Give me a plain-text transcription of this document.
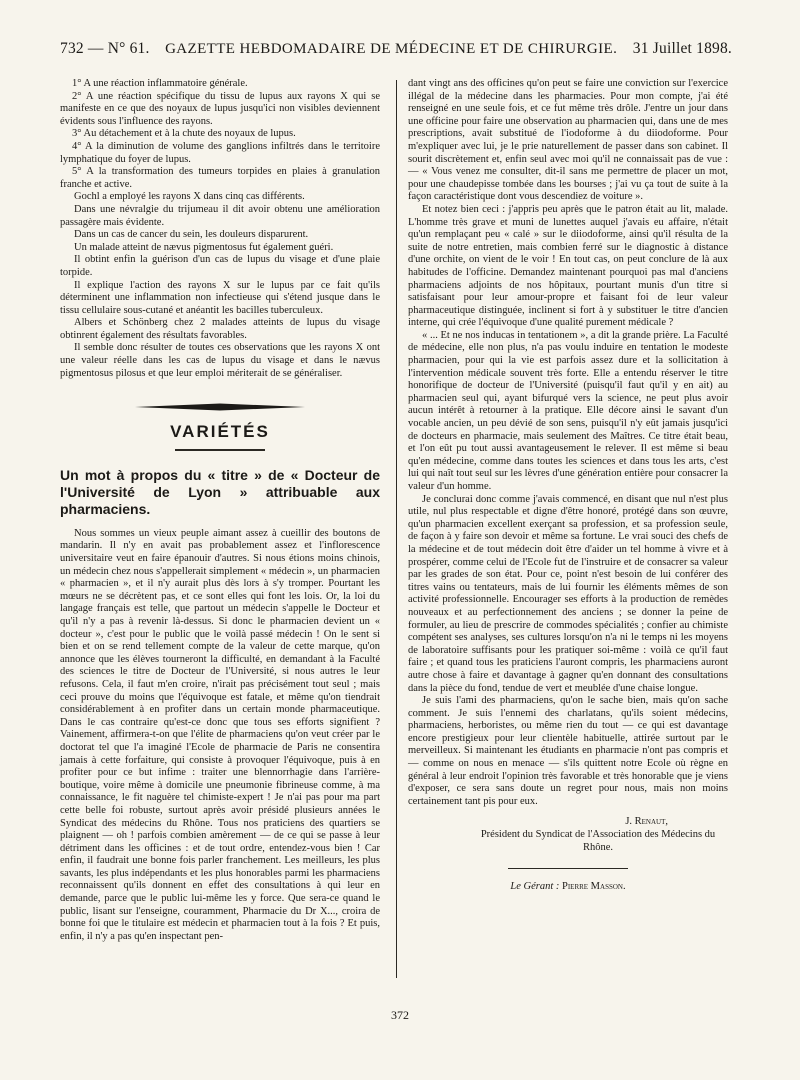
732 — N° 61. GAZETTE HEBDOMADAIRE DE MÉDECINE ET DE CHIRURGIE. 31 Juillet 1898.

1° A une réaction inflammatoire générale.

2° A une réaction spécifique du tissu de lupus aux rayons X qui se manifeste en ce que des noyaux de lupus jusqu'ici non visibles deviennent évidents sous l'influence des rayons.

3° Au détachement et à la chute des noyaux de lupus.

4° A la diminution de volume des ganglions infiltrés dans le territoire lymphatique du foyer de lupus.

5° A la transformation des tumeurs torpides en plaies à granulation franche et active.

Gochl a employé les rayons X dans cinq cas différents.

Dans une névralgie du trijumeau il dit avoir obtenu une amélioration passagère mais évidente.

Dans un cas de cancer du sein, les douleurs disparurent.

Un malade atteint de nævus pigmentosus fut également guéri.

Il obtint enfin la guérison d'un cas de lupus du visage et d'une plaie torpide.

Il explique l'action des rayons X sur le lupus par ce fait qu'ils déterminent une inflammation non infectieuse qui s'étend jusque dans le tissu cellulaire sous-cutané et anéantit les bacilles tuberculeux.

Albers et Schönberg chez 2 malades atteints de lupus du visage obtinrent également des résultats favorables.

Il semble donc résulter de toutes ces observations que les rayons X ont une valeur réelle dans les cas de lupus du visage et dans le nævus pigmentosus pilosus et que leur emploi mériterait de se généraliser.

VARIÉTÉS

Un mot à propos du « titre » de « Docteur de l'Université de Lyon » attribuable aux pharmaciens.

Nous sommes un vieux peuple aimant assez à cueillir des boutons de mandarin. Il n'y en avait pas probablement assez et l'inflorescence universitaire veut en faire épanouir d'autres. Si nous étions moins chinois, un médecin chez nous s'appellerait simplement « médecin », un pharmacien « pharmacien », et il n'y aurait plus dès lors à s'y tromper. Pourtant les mœurs ne se décrètent pas, et ce sont elles qui font les lois. Or, la loi du langage français est telle, que partout un médecin s'appelle le Docteur et qu'il n'y a pas à revenir là-dessus. Si donc le pharmacien devient un « docteur », c'est pour le public que le voilà passé médecin ! On le sent si bien et on se rend tellement compte de la valeur de cette marque, qu'on annonce que les élèves tourneront la difficulté, en demandant à la Faculté des sciences le titre de Docteur de l'Université, si nous autres le leur refusons. Cela, il faut m'en croire, n'irait pas précisément tout seul ; mais ceci prouve du moins que l'équivoque est fatale, et même qu'on tiendrait considérablement à en profiter dans un certain monde pharmaceutique. Dans le cas contraire qu'est-ce donc que tous ses efforts signifient ? Vainement, affirmera-t-on que l'élite de pharmaciens qu'on veut créer par le doctorat tel que l'a imaginé l'Ecole de pharmacie de Paris ne consentira jamais à cette forfaiture, qui consiste à provoquer l'équivoque, puis à en profiter pour ce but infime : traiter une blennorrhagie dans l'arrière-boutique, voire même à domicile une pneumonie fibrineuse comme, à ma connaissance, le fit naguère tel chimiste-expert ! Je n'ai pas pour ma part cette belle foi robuste, surtout après avoir présidé plusieurs années le Syndicat des médecins du Rhône. Tous nos praticiens des quartiers se plaignent — oh ! parfois combien amèrement — de ce qui se passe à leur détriment dans les officines : et de tout ordre, entendez-vous bien ! Car enfin, il faudrait une bonne fois parler franchement. Les meilleurs, les plus savants, les plus indépendants et les plus honorables parmi les pharmaciens reconnaissent qu'ils donnent en effet des consultations à qui leur en demande, parce que le public lui-même les y force. Que sera-ce quand le public, lisant sur l'enseigne, couramment, Pharmacie du Dr X..., croira de bonne foi que le titulaire est médecin et pharmacien tout à la fois ? Et puis, enfin, il n'y a pas qu'en inspectant pen-

dant vingt ans des officines qu'on peut se faire une conviction sur l'exercice illégal de la médecine dans les pharmacies. Pour mon compte, j'ai été renseigné en une seule fois, et ce fut même très drôle. J'entre un jour dans une officine pour faire une observation au pharmacien qui, dans une de mes prescriptions, avait substitué de l'iodoforme à du diiodoforme. Pour m'expliquer avec lui, je le prie naturellement de passer dans son cabinet. Il sourit discrètement et, enfin seul avec moi qu'il ne connaissait pas de vue : — « Vous venez me consulter, dit-il sans me permettre de placer un mot, pour une chaudepisse tombée dans les bourses ; j'ai vu ça tout de suite à la façon caractéristique dont vous descendiez de voiture ».

Et notez bien ceci : j'appris peu après que le patron était au lit, malade. L'homme très grave et muni de lunettes auquel j'avais eu affaire, n'était qu'un remplaçant peu « calé » sur le diiodoforme, ainsi qu'il résulta de la suite de notre entretien, mais combien ferré sur le diagnostic à distance d'une orchite, on vient de le voir ! En tout cas, on peut conclure de là aux habitudes de l'officine. Demandez maintenant pourquoi pas mal d'anciens pharmaciens adjoints de nos hôpitaux, pourtant munis d'un titre si satisfaisant pour leur amour-propre et faisant foi de leur valeur pharmaceutique distinguée, inclinent si fort à y substituer le titre d'ancien interne, qui crée l'équivoque d'une qualité purement médicale ?

« ... Et ne nos inducas in tentationem », a dit la grande prière. La Faculté de médecine, elle non plus, n'a pas voulu induire en tentation le modeste pharmacien, pour qui la vie est parfois assez dure et la sollicitation à l'intervention médicale souvent très forte. Elle a entendu réserver le titre honorifique de docteur de l'Université (puisqu'il faut qu'il y en ait) au pharmacien seul qui, ayant bifurqué vers la science, ne peut plus avoir aucun intérêt à retourner à la pratique. Elle décore ainsi le savant d'un vocable ancien, un peu dévié de son sens, puisqu'il n'y eût jamais jusqu'ici de docteurs en pharmacie, mais seulement des Maîtres. Ce titre était beau, et l'on eût pu tout aussi avantageusement le relever. Il est même si beau qu'en médecine, comme dans toutes les sciences et dans tous les arts, c'est lui qui naît tout seul sur les lèvres d'une génération entière pour consacrer la valeur d'un homme.

Je conclurai donc comme j'avais commencé, en disant que nul n'est plus utile, nul plus respectable et digne d'être honoré, protégé dans son œuvre, qu'un pharmacien excellent exerçant sa profession, et sa profession seule, de façon à y faire son devoir et même sa fortune. Le vrai souci des chefs de la médecine et de tout médecin doit être d'aider un tel homme à vivre et à prospérer, comme celui de l'Ecole fut de l'instruire et de consacrer sa valeur par les grades de son état. Pour ce, point n'est besoin de lui conférer des titres vains ou tentateurs, mais de lui fournir les éléments mêmes de son activité professionnelle. Encourager ses efforts à la production de remèdes nouveaux et au perfectionnement des anciens ; se donner la peine de formuler, au lieu de prescrire de commodes spécialités ; confier au chimiste compétent ses analyses, ses cultures lorsqu'on n'a ni le temps ni les moyens de laboratoire suffisants pour les pratiquer soi-même : voilà ce qu'il faut faire ; et quand tous les praticiens l'auront compris, les pharmaciens auront autre chose à faire et davantage à gagner qu'en donnant des consultations dans la pièce du fond, tendue de vert et meublée d'une chaise longue.

Je suis l'ami des pharmaciens, qu'on le sache bien, mais qu'on sache comment. Je suis l'ennemi des charlatans, qu'ils soient médecins, pharmaciens, herboristes, ou même rien du tout — ce qui est davantage encore prestigieux pour leur clientèle habituelle, attirée surtout par le merveilleux. Si maintenant les étudiants en pharmacie n'ont pas compris et — comme on nous en menace — s'ils quittent notre Ecole où règne en général à leur endroit l'opinion très favorable et très honorable que je viens d'exposer, ce sera sans doute un regret pour nous, mais non moins certainement tant pis pour eux.

J. Renaut,
Président du Syndicat de l'Association des Médecins du Rhône.
Le Gérant : Pierre Masson.
372
